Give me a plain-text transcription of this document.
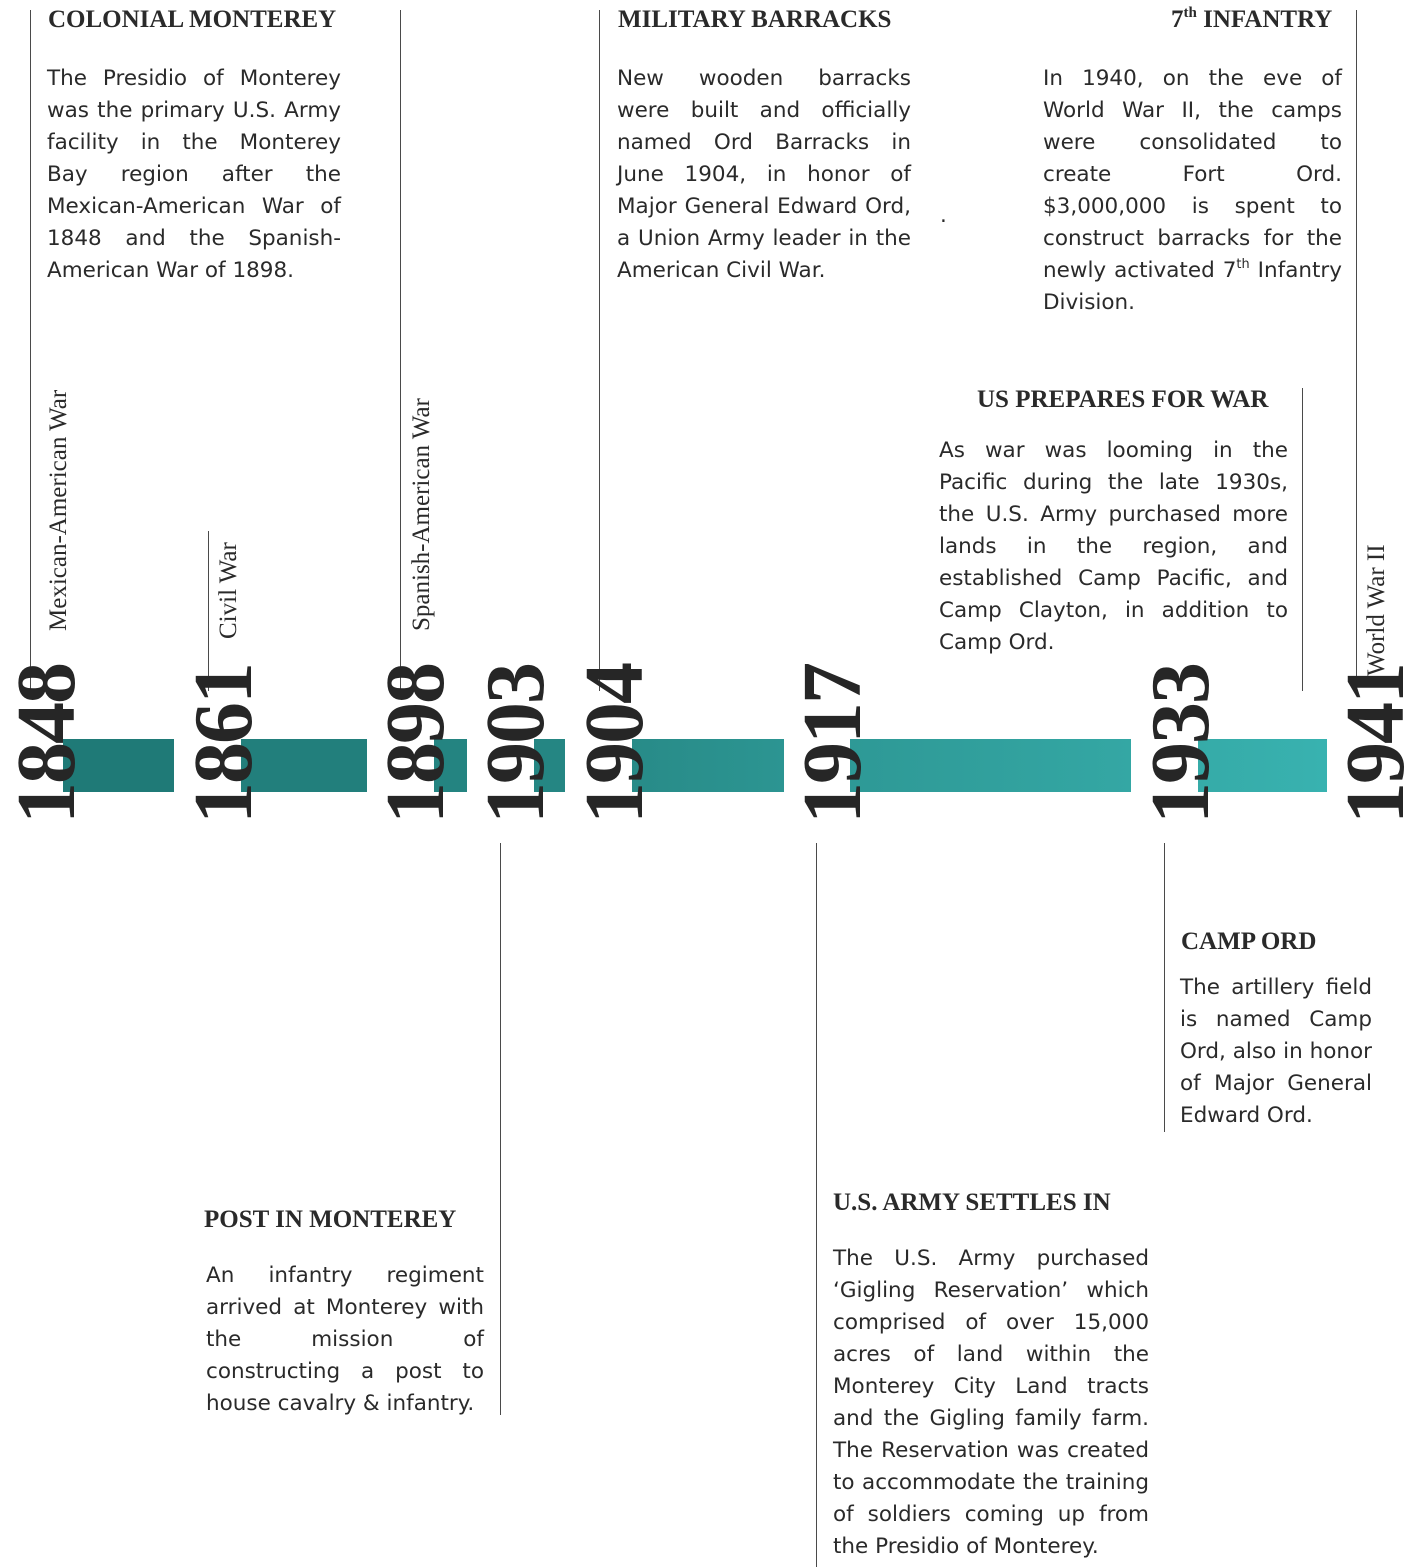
COLONIAL MONTEREY
The Presidio of Monterey was the primary U.S. Army facility in the Monterey Bay region after the Mexican-American War of 1848 and the Spanish-American War of 1898.
MILITARY BARRACKS
New wooden barracks were built and officially named Ord Barracks in June 1904, in honor of Major General Edward Ord, a Union Army leader in the American Civil War.
7th INFANTRY
In 1940, on the eve of World War II, the camps were consolidated to create Fort Ord. $3,000,000 is spent to construct barracks for the newly activated 7th Infantry Division.
.
US PREPARES FOR WAR
As war was looming in the Pacific during the late 1930s, the U.S. Army purchased more lands in the region, and established Camp Pacific, and Camp Clayton, in addition to Camp Ord.
Mexican-American War	Civil War	Spanish-American War	World War II
1848 1861 1898 1903 1904 1917	1933 1941
CAMP ORD
The artillery field is named Camp Ord, also in honor of Major General Edward Ord.
POST IN MONTEREY
An infantry regiment arrived at Monterey with the mission of constructing a post to house cavalry & infantry.
U.S. ARMY SETTLES IN
The U.S. Army purchased ‘Gigling Reservation’ which comprised of over 15,000 acres of land within the Monterey City Land tracts and the Gigling family farm. The Reservation was created to accommodate the training of soldiers coming up from the Presidio of Monterey.
